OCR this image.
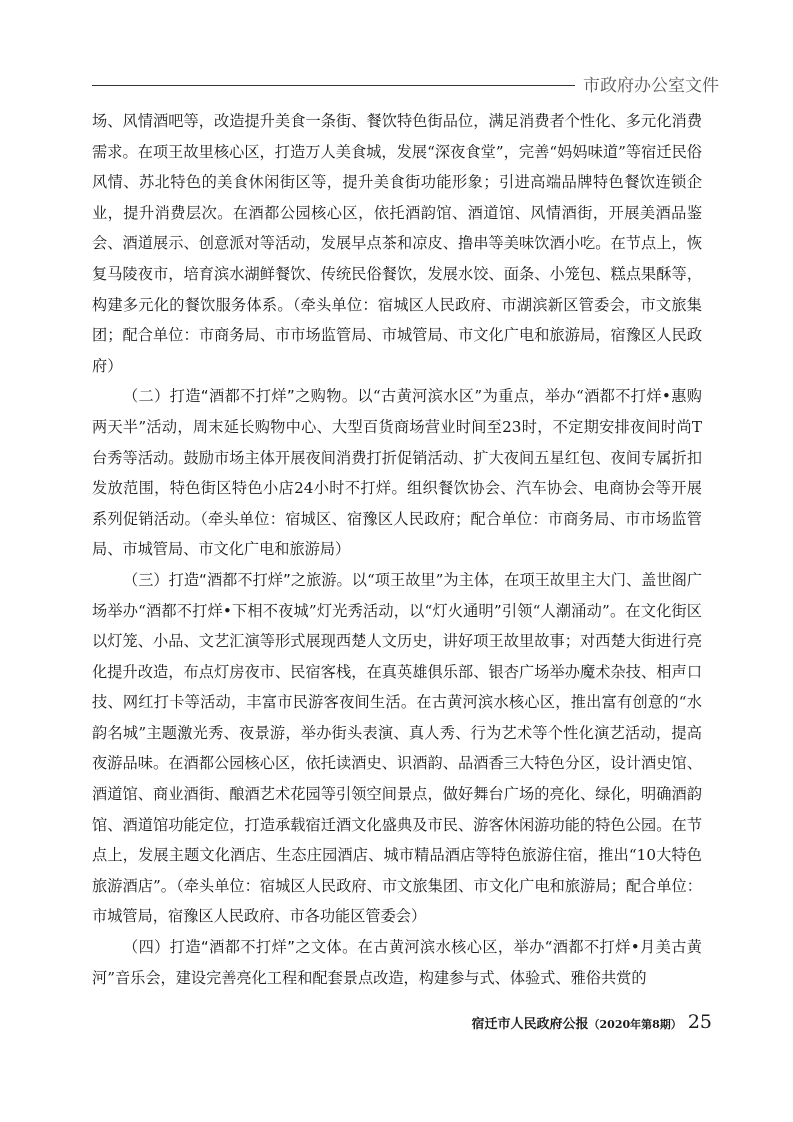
市政府办公室文件

场、风情酒吧等，改造提升美食一条街、餐饮特色街品位，满足消费者个性化、多元化消费需求。在项王故里核心区，打造万人美食城，发展“深夜食堂”，完善“妈妈味道”等宿迁民俗风情、苏北特色的美食休闲街区等，提升美食街功能形象；引进高端品牌特色餐饮连锁企业，提升消费层次。在酒都公园核心区，依托酒韵馆、酒道馆、风情酒街，开展美酒品鉴会、酒道展示、创意派对等活动，发展早点茶和凉皮、撸串等美味饮酒小吃。在节点上，恢复马陵夜市，培育滨水湖鲜餐饮、传统民俗餐饮，发展水饺、面条、小笼包、糕点果酥等，构建多元化的餐饮服务体系。（牵头单位：宿城区人民政府、市湖滨新区管委会，市文旅集团；配合单位：市商务局、市市场监管局、市城管局、市文化广电和旅游局，宿豫区人民政府）

（二）打造“酒都不打烊”之购物。以“古黄河滨水区”为重点，举办“酒都不打烊•惠购两天半”活动，周末延长购物中心、大型百货商场营业时间至23时，不定期安排夜间时尚T台秀等活动。鼓励市场主体开展夜间消费打折促销活动、扩大夜间五星红包、夜间专属折扣发放范围，特色街区特色小店24小时不打烊。组织餐饮协会、汽车协会、电商协会等开展系列促销活动。（牵头单位：宿城区、宿豫区人民政府；配合单位：市商务局、市市场监管局、市城管局、市文化广电和旅游局）

（三）打造“酒都不打烊”之旅游。以“项王故里”为主体，在项王故里主大门、盖世阁广场举办“酒都不打烊•下相不夜城”灯光秀活动，以“灯火通明”引领“人潮涌动”。在文化街区以灯笼、小品、文艺汇演等形式展现西楚人文历史，讲好项王故里故事；对西楚大街进行亮化提升改造，布点灯房夜市、民宿客栈，在真英雄俱乐部、银杏广场举办魔术杂技、相声口技、网红打卡等活动，丰富市民游客夜间生活。在古黄河滨水核心区，推出富有创意的“水韵名城”主题激光秀、夜景游，举办街头表演、真人秀、行为艺术等个性化演艺活动，提高夜游品味。在酒都公园核心区，依托读酒史、识酒韵、品酒香三大特色分区，设计酒史馆、酒道馆、商业酒街、酿酒艺术花园等引领空间景点，做好舞台广场的亮化、绿化，明确酒韵馆、酒道馆功能定位，打造承载宿迁酒文化盛典及市民、游客休闲游功能的特色公园。在节点上，发展主题文化酒店、生态庄园酒店、城市精品酒店等特色旅游住宿，推出“10大特色旅游酒店”。（牵头单位：宿城区人民政府、市文旅集团、市文化广电和旅游局；配合单位：市城管局，宿豫区人民政府、市各功能区管委会）

（四）打造“酒都不打烊”之文体。在古黄河滨水核心区，举办“酒都不打烊•月美古黄河”音乐会，建设完善亮化工程和配套景点改造，构建参与式、体验式、雅俗共赏的

宿迁市人民政府公报（2020年第8期） 25
